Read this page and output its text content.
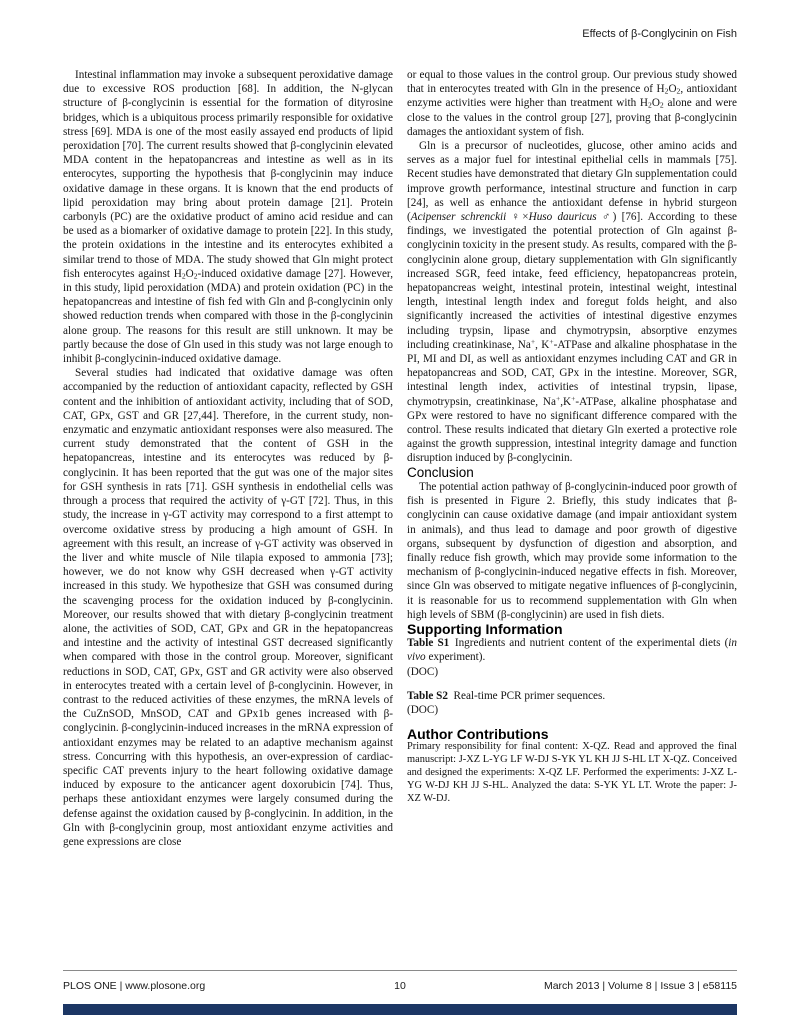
Effects of β-Conglycinin on Fish

Intestinal inflammation may invoke a subsequent peroxidative damage due to excessive ROS production [68]. In addition, the N-glycan structure of β-conglycinin is essential for the formation of dityrosine bridges, which is a ubiquitous process primarily responsible for oxidative stress [69]. MDA is one of the most easily assayed end products of lipid peroxidation [70]. The current results showed that β-conglycinin elevated MDA content in the hepatopancreas and intestine as well as in its enterocytes, supporting the hypothesis that β-conglycinin may induce oxidative damage in these organs. It is known that the end products of lipid peroxidation may bring about protein damage [21]. Protein carbonyls (PC) are the oxidative product of amino acid residue and can be used as a biomarker of oxidative damage to protein [22]. In this study, the protein oxidations in the intestine and its enterocytes exhibited a similar trend to those of MDA. The study showed that Gln might protect fish enterocytes against $H_2O_2$-induced oxidative damage [27]. However, in this study, lipid peroxidation (MDA) and protein oxidation (PC) in the hepatopancreas and intestine of fish fed with Gln and β-conglycinin only showed reduction trends when compared with those in the β-conglycinin alone group. The reasons for this result are still unknown. It may be partly because the dose of Gln used in this study was not large enough to inhibit β-conglycinin-induced oxidative damage.

Several studies had indicated that oxidative damage was often accompanied by the reduction of antioxidant capacity, reflected by GSH content and the inhibition of antioxidant activity, including that of SOD, CAT, GPx, GST and GR [27,44]. Therefore, in the current study, non-enzymatic and enzymatic antioxidant responses were also measured. The current study demonstrated that the content of GSH in the hepatopancreas, intestine and its enterocytes was reduced by β-conglycinin. It has been reported that the gut was one of the major sites for GSH synthesis in rats [71]. GSH synthesis in endothelial cells was through a process that required the activity of γ-GT [72]. Thus, in this study, the increase in γ-GT activity may correspond to a first attempt to overcome oxidative stress by producing a high amount of GSH. In agreement with this result, an increase of γ-GT activity was observed in the liver and white muscle of Nile tilapia exposed to ammonia [73]; however, we do not know why GSH decreased when γ-GT activity increased in this study. We hypothesize that GSH was consumed during the scavenging process for the oxidation induced by β-conglycinin. Moreover, our results showed that with dietary β-conglycinin treatment alone, the activities of SOD, CAT, GPx and GR in the hepatopancreas and intestine and the activity of intestinal GST decreased significantly when compared with those in the control group. Moreover, significant reductions in SOD, CAT, GPx, GST and GR activity were also observed in enterocytes treated with a certain level of β-conglycinin. However, in contrast to the reduced activities of these enzymes, the mRNA levels of the CuZnSOD, MnSOD, CAT and GPx1b genes increased with β-conglycinin. β-conglycinin-induced increases in the mRNA expression of antioxidant enzymes may be related to an adaptive mechanism against stress. Concurring with this hypothesis, an over-expression of cardiac-specific CAT prevents injury to the heart following oxidative damage induced by exposure to the anticancer agent doxorubicin [74]. Thus, perhaps these antioxidant enzymes were largely consumed during the defense against the oxidation caused by β-conglycinin. In addition, in the Gln with β-conglycinin group, most antioxidant enzyme activities and gene expressions are close

or equal to those values in the control group. Our previous study showed that in enterocytes treated with Gln in the presence of $H_2O_2$, antioxidant enzyme activities were higher than treatment with $H_2O_2$ alone and were close to the values in the control group [27], proving that β-conglycinin damages the antioxidant system of fish.

Gln is a precursor of nucleotides, glucose, other amino acids and serves as a major fuel for intestinal epithelial cells in mammals [75]. Recent studies have demonstrated that dietary Gln supplementation could improve growth performance, intestinal structure and function in carp [24], as well as enhance the antioxidant defense in hybrid sturgeon (Acipenser schrenckii ♀×Huso dauricus ♂) [76]. According to these findings, we investigated the potential protection of Gln against β-conglycinin toxicity in the present study. As results, compared with the β-conglycinin alone group, dietary supplementation with Gln significantly increased SGR, feed intake, feed efficiency, hepatopancreas protein, hepatopancreas weight, intestinal protein, intestinal weight, intestinal length, intestinal length index and foregut folds height, and also significantly increased the activities of intestinal digestive enzymes including trypsin, lipase and chymotrypsin, absorptive enzymes including creatinkinase, Na+, K+-ATPase and alkaline phosphatase in the PI, MI and DI, as well as antioxidant enzymes including CAT and GR in hepatopancreas and SOD, CAT, GPx in the intestine. Moreover, SGR, intestinal length index, activities of intestinal trypsin, lipase, chymotrypsin, creatinkinase, Na+,K+-ATPase, alkaline phosphatase and GPx were restored to have no significant difference compared with the control. These results indicated that dietary Gln exerted a protective role against the growth suppression, intestinal integrity damage and function disruption induced by β-conglycinin.

Conclusion

The potential action pathway of β-conglycinin-induced poor growth of fish is presented in Figure 2. Briefly, this study indicates that β-conglycinin can cause oxidative damage (and impair antioxidant system in animals), and thus lead to damage and poor growth of digestive organs, subsequent by dysfunction of digestion and absorption, and finally reduce fish growth, which may provide some information to the mechanism of β-conglycinin-induced negative effects in fish. Moreover, since Gln was observed to mitigate negative influences of β-conglycinin, it is reasonable for us to recommend supplementation with Gln when high levels of SBM (β-conglycinin) are used in fish diets.

Supporting Information

Table S1 Ingredients and nutrient content of the experimental diets (in vivo experiment).
(DOC)

Table S2 Real-time PCR primer sequences.
(DOC)

Author Contributions

Primary responsibility for final content: X-QZ. Read and approved the final manuscript: J-XZ L-YG LF W-DJ S-YK YL KH JJ S-HL LT X-QZ. Conceived and designed the experiments: X-QZ LF. Performed the experiments: J-XZ L-YG W-DJ KH JJ S-HL. Analyzed the data: S-YK YL LT. Wrote the paper: J-XZ W-DJ.

PLOS ONE | www.plosone.org	10	March 2013 | Volume 8 | Issue 3 | e58115
